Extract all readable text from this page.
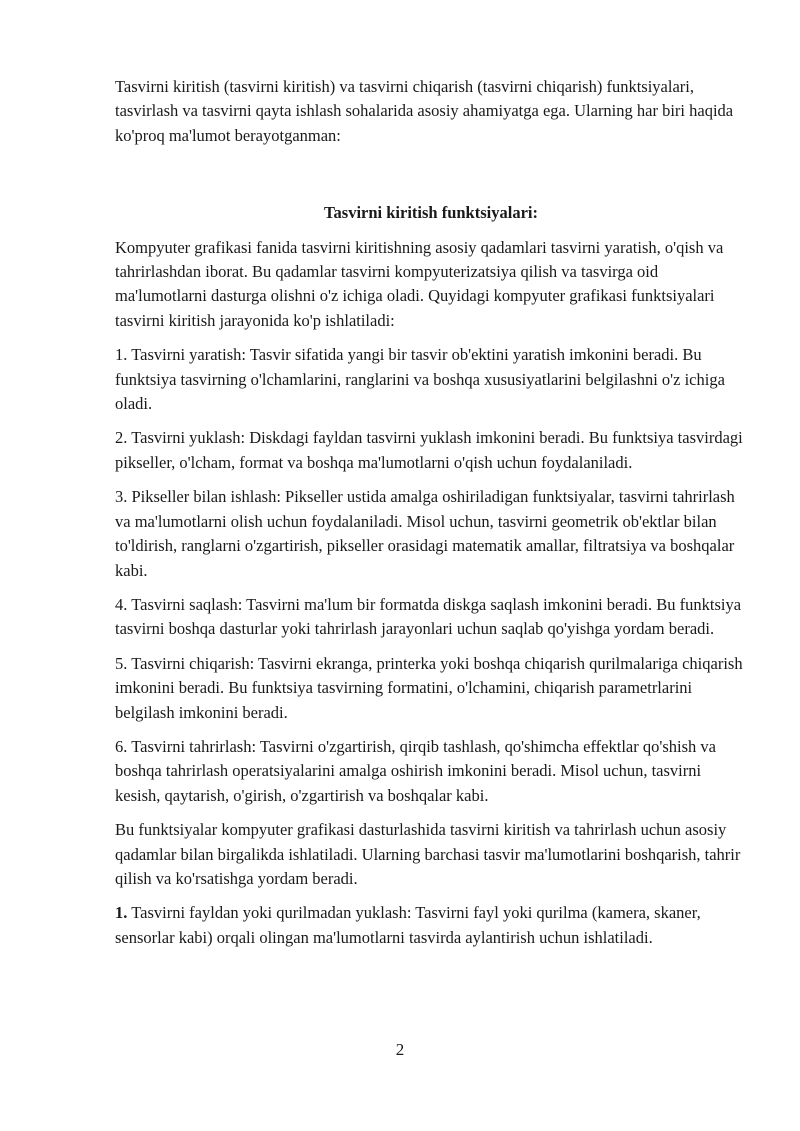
Tasvirni kiritish (tasvirni kiritish) va tasvirni chiqarish (tasvirni chiqarish) funktsiyalari, tasvirlash va tasvirni qayta ishlash sohalarida asosiy ahamiyatga ega. Ularning har biri haqida ko'proq ma'lumot berayotganman:

Tasvirni kiritish funktsiyalari:

Kompyuter grafikasi fanida tasvirni kiritishning asosiy qadamlari tasvirni yaratish, o'qish va tahrirlashdan iborat. Bu qadamlar tasvirni kompyuterizatsiya qilish va tasvirga oid ma'lumotlarni dasturga olishni o'z ichiga oladi. Quyidagi kompyuter grafikasi funktsiyalari tasvirni kiritish jarayonida ko'p ishlatiladi:

1. Tasvirni yaratish: Tasvir sifatida yangi bir tasvir ob'ektini yaratish imkonini beradi. Bu funktsiya tasvirning o'lchamlarini, ranglarini va boshqa xususiyatlarini belgilashni o'z ichiga oladi.

2. Tasvirni yuklash: Diskdagi fayldan tasvirni yuklash imkonini beradi. Bu funktsiya tasvirdagi pikseller, o'lcham, format va boshqa ma'lumotlarni o'qish uchun foydalaniladi.

3. Pikseller bilan ishlash: Pikseller ustida amalga oshiriladigan funktsiyalar, tasvirni tahrirlash va ma'lumotlarni olish uchun foydalaniladi. Misol uchun, tasvirni geometrik ob'ektlar bilan to'ldirish, ranglarni o'zgartirish, pikseller orasidagi matematik amallar, filtratsiya va boshqalar kabi.

4. Tasvirni saqlash: Tasvirni ma'lum bir formatda diskga saqlash imkonini beradi. Bu funktsiya tasvirni boshqa dasturlar yoki tahrirlash jarayonlari uchun saqlab qo'yishga yordam beradi.

5. Tasvirni chiqarish: Tasvirni ekranga, printerka yoki boshqa chiqarish qurilmalariga chiqarish imkonini beradi. Bu funktsiya tasvirning formatini, o'lchamini, chiqarish parametrlarini belgilash imkonini beradi.

6. Tasvirni tahrirlash: Tasvirni o'zgartirish, qirqib tashlash, qo'shimcha effektlar qo'shish va boshqa tahrirlash operatsiyalarini amalga oshirish imkonini beradi. Misol uchun, tasvirni kesish, qaytarish, o'girish, o'zgartirish va boshqalar kabi.

Bu funktsiyalar kompyuter grafikasi dasturlashida tasvirni kiritish va tahrirlash uchun asosiy qadamlar bilan birgalikda ishlatiladi. Ularning barchasi tasvir ma'lumotlarini boshqarish, tahrir qilish va ko'rsatishga yordam beradi.

1. Tasvirni fayldan yoki qurilmadan yuklash: Tasvirni fayl yoki qurilma (kamera, skaner, sensorlar kabi) orqali olingan ma'lumotlarni tasvirda aylantirish uchun ishlatiladi.

2
